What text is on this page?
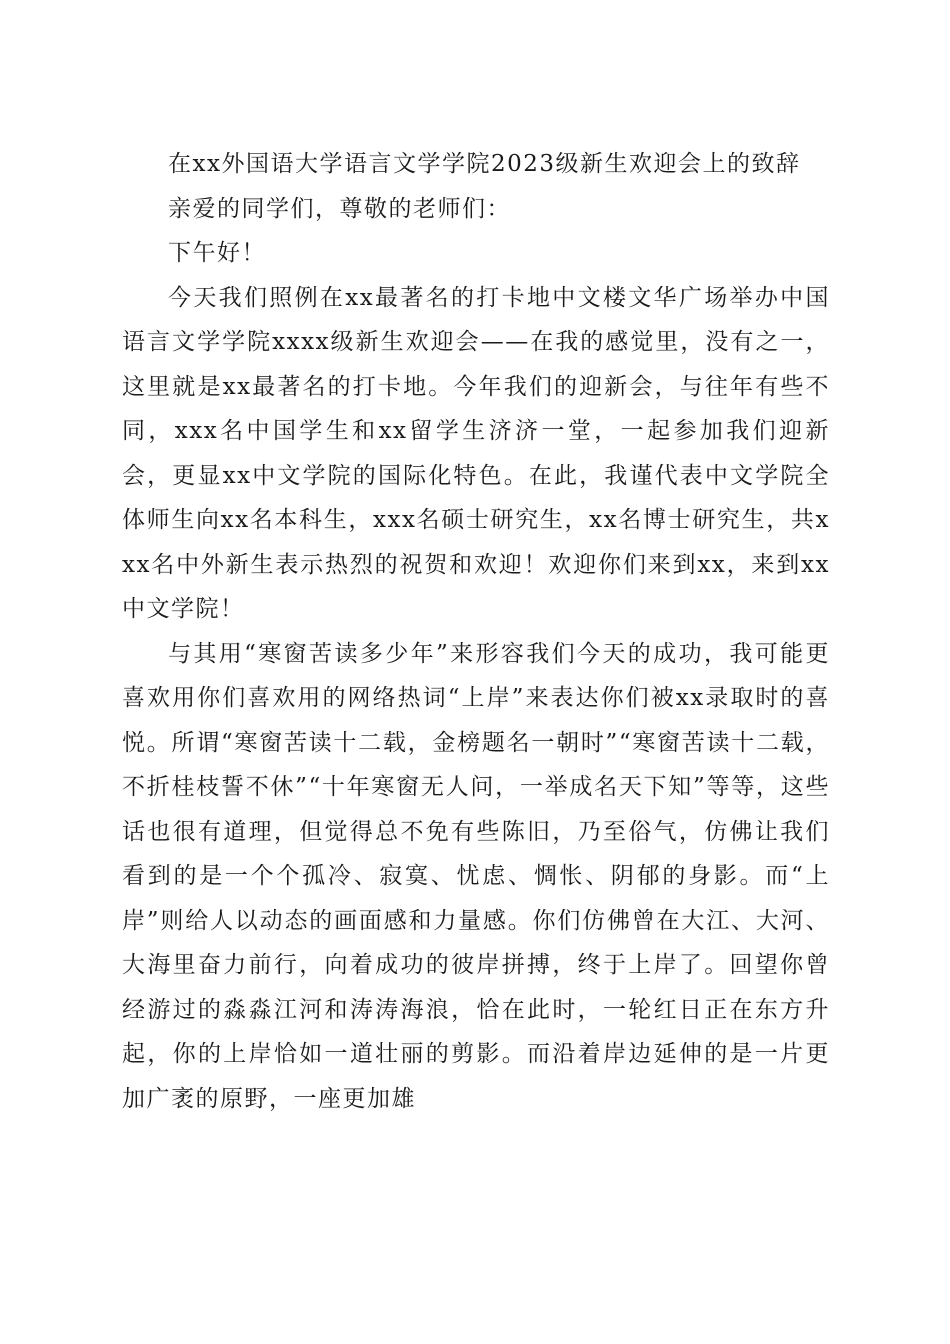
在xx外国语大学语言文学学院2023级新生欢迎会上的致辞

亲爱的同学们，尊敬的老师们：

下午好！

今天我们照例在xx最著名的打卡地中文楼文华广场举办中国语言文学学院xxxx级新生欢迎会——在我的感觉里，没有之一，这里就是xx最著名的打卡地。今年我们的迎新会，与往年有些不同，xxx名中国学生和xx留学生济济一堂，一起参加我们迎新会，更显xx中文学院的国际化特色。在此，我谨代表中文学院全体师生向xx名本科生，xxx名硕士研究生，xx名博士研究生，共xxx名中外新生表示热烈的祝贺和欢迎！欢迎你们来到xx，来到xx中文学院！

与其用“寒窗苦读多少年”来形容我们今天的成功，我可能更喜欢用你们喜欢用的网络热词“上岸”来表达你们被xx录取时的喜悦。所谓“寒窗苦读十二载，金榜题名一朝时”“寒窗苦读十二载，不折桂枝誓不休”“十年寒窗无人问，一举成名天下知”等等，这些话也很有道理，但觉得总不免有些陈旧，乃至俗气，仿佛让我们看到的是一个个孤冷、寂寞、忧虑、惆怅、阴郁的身影。而“上岸”则给人以动态的画面感和力量感。你们仿佛曾在大江、大河、大海里奋力前行，向着成功的彼岸拼搏，终于上岸了。回望你曾经游过的淼淼江河和涛涛海浪，恰在此时，一轮红日正在东方升起，你的上岸恰如一道壮丽的剪影。而沿着岸边延伸的是一片更加广袤的原野，一座更加雄
